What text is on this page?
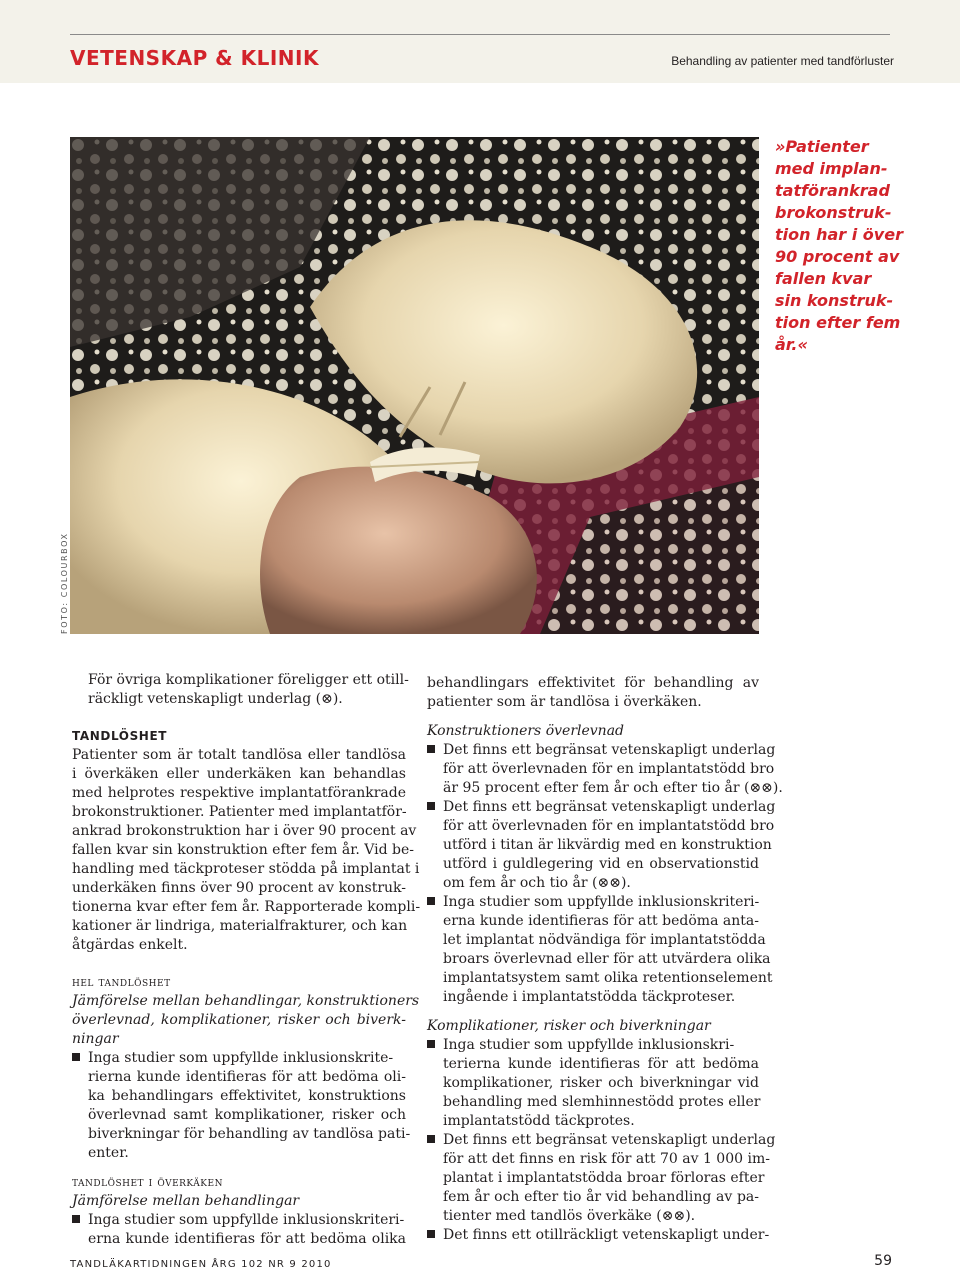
VETENSKAP & KLINIK	Behandling av patienter med tandförluster
FOTO: COLOURBOX
»Patienter
med implan-
tatförankrad
brokonstruk-
tion har i över
90 procent av
fallen kvar
sin konstruk-
tion efter fem
år.«
För övriga komplikationer föreligger ett otill-
räckligt vetenskapligt underlag (⊗).
TANDLÖSHET
Patienter som är totalt tandlösa eller tandlösa
i överkäken eller underkäken kan behandlas
med helprotes respektive implantatförankrade
brokonstruktioner. Patienter med implantatför-
ankrad brokonstruktion har i över 90 procent av
fallen kvar sin konstruktion efter fem år. Vid be-
handling med täckproteser stödda på implantat i
underkäken finns över 90 procent av konstruk-
tionerna kvar efter fem år. Rapporterade kompli-
kationer är lindriga, materialfrakturer, och kan
åtgärdas enkelt.
hel tandlöshet
Jämförelse mellan behandlingar, konstruktioners
överlevnad, komplikationer, risker och biverk-
ningar
Inga studier som uppfyllde inklusionskrite-
rierna kunde identifieras för att bedöma oli-
ka behandlingars effektivitet, konstruktions
överlevnad samt komplikationer, risker och
biverkningar för behandling av tandlösa pati-
enter.
tandlöshet i överkäken
Jämförelse mellan behandlingar
Inga studier som uppfyllde inklusionskriteri-
erna kunde identifieras för att bedöma olika
behandlingars effektivitet för behandling av
patienter som är tandlösa i överkäken.
Konstruktioners överlevnad
Det finns ett begränsat vetenskapligt underlag
för att överlevnaden för en implantatstödd bro
är 95 procent efter fem år och efter tio år (⊗⊗).
Det finns ett begränsat vetenskapligt underlag
för att överlevnaden för en implantatstödd bro
utförd i titan är likvärdig med en konstruktion
utförd i guldlegering vid en observationstid
om fem år och tio år (⊗⊗).
Inga studier som uppfyllde inklusionskriteri-
erna kunde identifieras för att bedöma anta-
let implantat nödvändiga för implantatstödda
broars överlevnad eller för att utvärdera olika
implantatsystem samt olika retentionselement
ingående i implantatstödda täckproteser.
Komplikationer, risker och biverkningar
Inga studier som uppfyllde inklusionskri-
terierna kunde identifieras för att bedöma
komplikationer, risker och biverkningar vid
behandling med slemhinnestödd protes eller
implantatstödd täckprotes.
Det finns ett begränsat vetenskapligt underlag
för att det finns en risk för att 70 av 1 000 im-
plantat i implantatstödda broar förloras efter
fem år och efter tio år vid behandling av pa-
tienter med tandlös överkäke (⊗⊗).
Det finns ett otillräckligt vetenskapligt under-
TANDLÄKARTIDNINGEN ÅRG 102 NR 9 2010	59
